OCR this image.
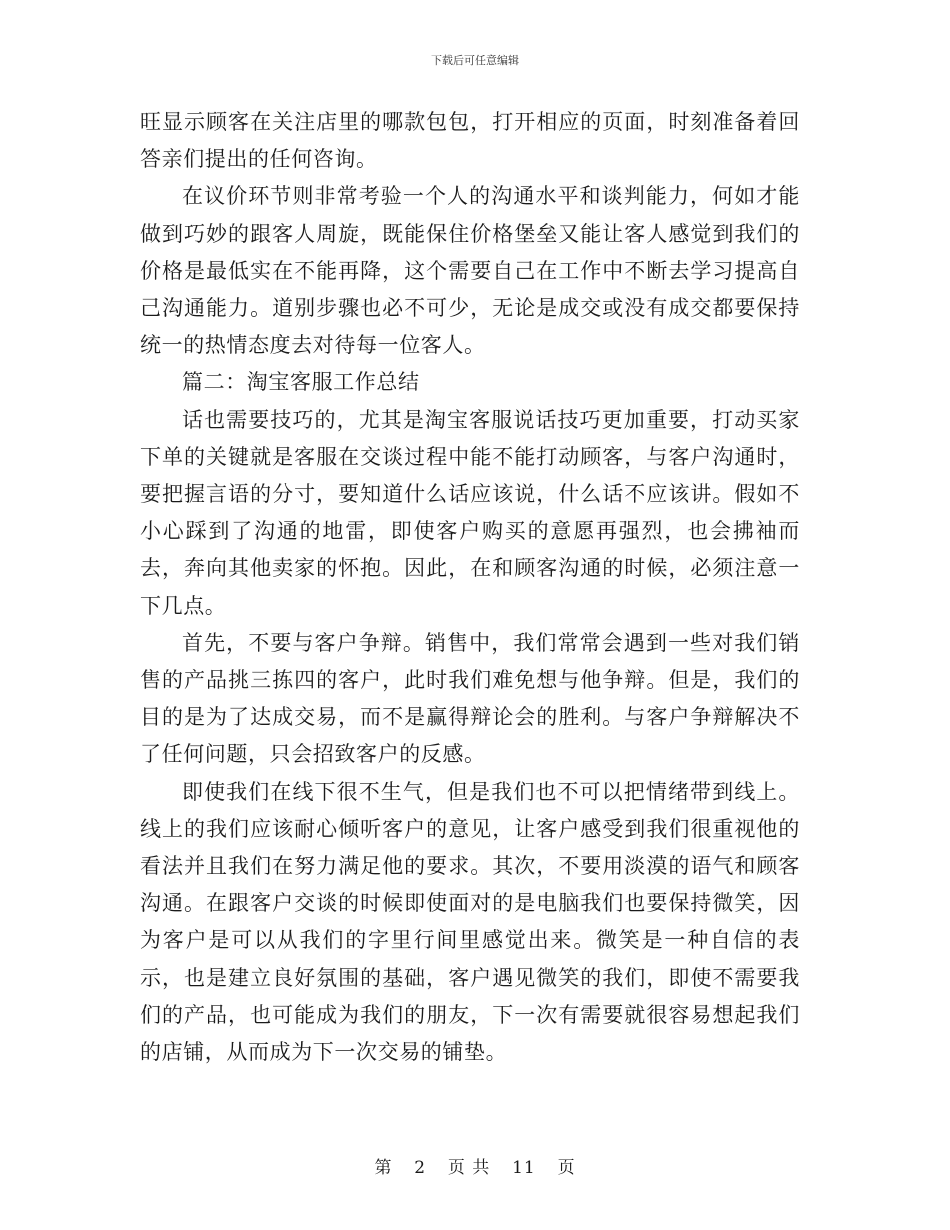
下载后可任意编辑

旺显示顾客在关注店里的哪款包包，打开相应的页面，时刻准备着回答亲们提出的任何咨询。

在议价环节则非常考验一个人的沟通水平和谈判能力，何如才能做到巧妙的跟客人周旋，既能保住价格堡垒又能让客人感觉到我们的价格是最低实在不能再降，这个需要自己在工作中不断去学习提高自己沟通能力。道别步骤也必不可少，无论是成交或没有成交都要保持统一的热情态度去对待每一位客人。

篇二：淘宝客服工作总结

话也需要技巧的，尤其是淘宝客服说话技巧更加重要，打动买家下单的关键就是客服在交谈过程中能不能打动顾客，与客户沟通时，要把握言语的分寸，要知道什么话应该说，什么话不应该讲。假如不小心踩到了沟通的地雷，即使客户购买的意愿再强烈，也会拂袖而去，奔向其他卖家的怀抱。因此，在和顾客沟通的时候，必须注意一下几点。

首先，不要与客户争辩。销售中，我们常常会遇到一些对我们销售的产品挑三拣四的客户，此时我们难免想与他争辩。但是，我们的目的是为了达成交易，而不是赢得辩论会的胜利。与客户争辩解决不了任何问题，只会招致客户的反感。

即使我们在线下很不生气，但是我们也不可以把情绪带到线上。线上的我们应该耐心倾听客户的意见，让客户感受到我们很重视他的看法并且我们在努力满足他的要求。其次，不要用淡漠的语气和顾客沟通。在跟客户交谈的时候即使面对的是电脑我们也要保持微笑，因为客户是可以从我们的字里行间里感觉出来。微笑是一种自信的表示，也是建立良好氛围的基础，客户遇见微笑的我们，即使不需要我们的产品，也可能成为我们的朋友，下一次有需要就很容易想起我们的店铺，从而成为下一次交易的铺垫。

第 2 页 共 11 页
